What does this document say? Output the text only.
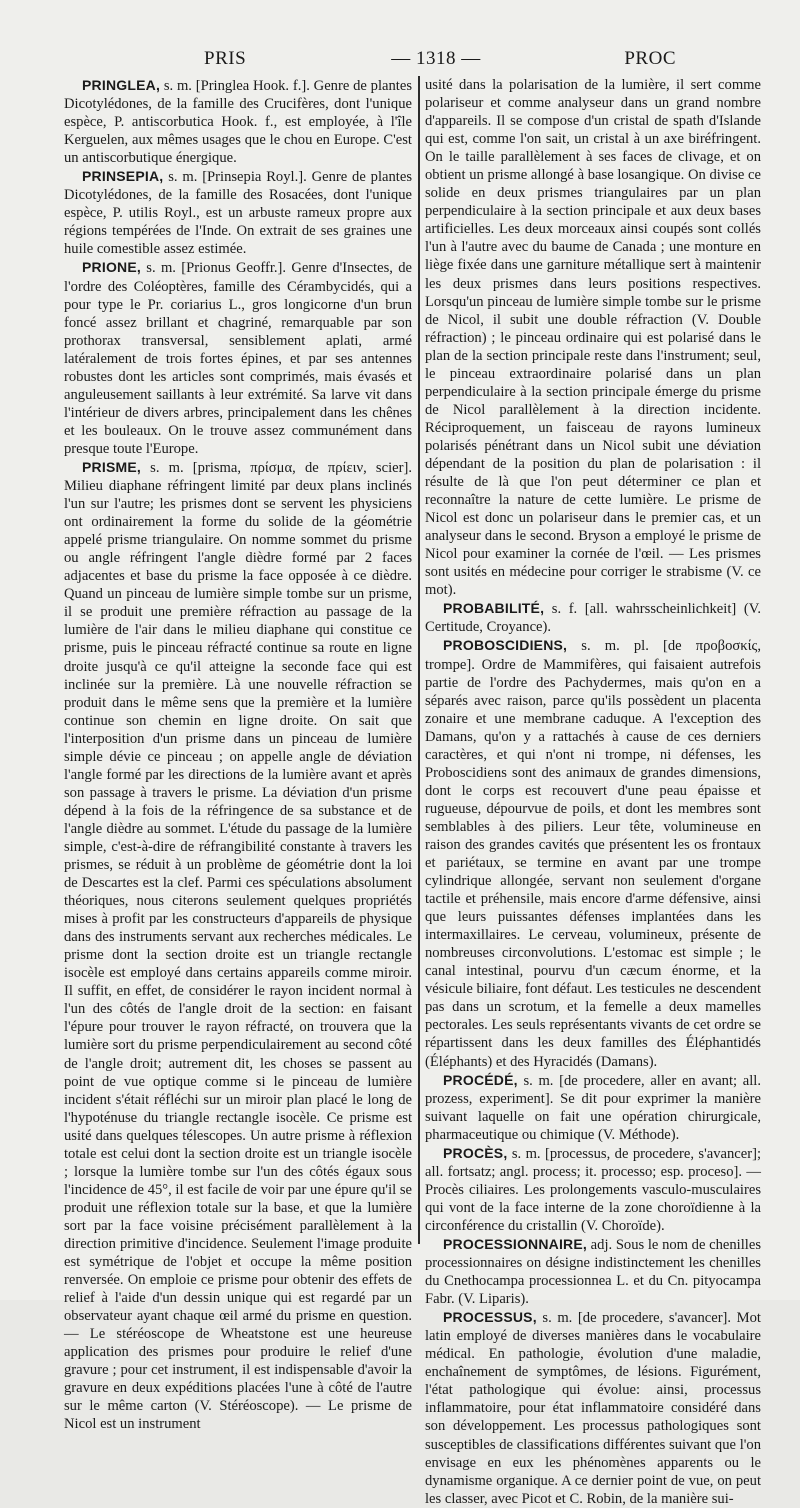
PRIS	— 1318 —	PROC

PRINGLEA, s. m. [Pringlea Hook. f.]. Genre de plantes Dicotylédones, de la famille des Crucifères, dont l'unique espèce, P. antiscorbutica Hook. f., est employée, à l'île Kerguelen, aux mêmes usages que le chou en Europe. C'est un antiscorbutique énergique.

PRINSEPIA, s. m. [Prinsepia Royl.]. Genre de plantes Dicotylédones, de la famille des Rosacées, dont l'unique espèce, P. utilis Royl., est un arbuste rameux propre aux régions tempérées de l'Inde. On extrait de ses graines une huile comestible assez estimée.

PRIONE, s. m. [Prionus Geoffr.]. Genre d'Insectes, de l'ordre des Coléoptères, famille des Cérambycidés, qui a pour type le Pr. coriarius L., gros longicorne d'un brun foncé assez brillant et chagriné, remarquable par son prothorax transversal, sensiblement aplati, armé latéralement de trois fortes épines, et par ses antennes robustes dont les articles sont comprimés, mais évasés et anguleusement saillants à leur extrémité. Sa larve vit dans l'intérieur de divers arbres, principalement dans les chênes et les bouleaux. On le trouve assez communément dans presque toute l'Europe.

PRISME, s. m. [prisma, πρίσμα, de πρίειν, scier]. Milieu diaphane réfringent limité par deux plans inclinés l'un sur l'autre; les prismes dont se servent les physiciens ont ordinairement la forme du solide de la géométrie appelé prisme triangulaire. On nomme sommet du prisme ou angle réfringent l'angle dièdre formé par 2 faces adjacentes et base du prisme la face opposée à ce dièdre. Quand un pinceau de lumière simple tombe sur un prisme, il se produit une première réfraction au passage de la lumière de l'air dans le milieu diaphane qui constitue ce prisme, puis le pinceau réfracté continue sa route en ligne droite jusqu'à ce qu'il atteigne la seconde face qui est inclinée sur la première. Là une nouvelle réfraction se produit dans le même sens que la première et la lumière continue son chemin en ligne droite. On sait que l'interposition d'un prisme dans un pinceau de lumière simple dévie ce pinceau ; on appelle angle de déviation l'angle formé par les directions de la lumière avant et après son passage à travers le prisme. La déviation d'un prisme dépend à la fois de la réfringence de sa substance et de l'angle dièdre au sommet. L'étude du passage de la lumière simple, c'est-à-dire de réfrangibilité constante à travers les prismes, se réduit à un problème de géométrie dont la loi de Descartes est la clef. Parmi ces spéculations absolument théoriques, nous citerons seulement quelques propriétés mises à profit par les constructeurs d'appareils de physique dans des instruments servant aux recherches médicales. Le prisme dont la section droite est un triangle rectangle isocèle est employé dans certains appareils comme miroir. Il suffit, en effet, de considérer le rayon incident normal à l'un des côtés de l'angle droit de la section: en faisant l'épure pour trouver le rayon réfracté, on trouvera que la lumière sort du prisme perpendiculairement au second côté de l'angle droit; autrement dit, les choses se passent au point de vue optique comme si le pinceau de lumière incident s'était réfléchi sur un miroir plan placé le long de l'hypoténuse du triangle rectangle isocèle. Ce prisme est usité dans quelques télescopes. Un autre prisme à réflexion totale est celui dont la section droite est un triangle isocèle ; lorsque la lumière tombe sur l'un des côtés égaux sous l'incidence de 45°, il est facile de voir par une épure qu'il se produit une réflexion totale sur la base, et que la lumière sort par la face voisine précisément parallèlement à la direction primitive d'incidence. Seulement l'image produite est symétrique de l'objet et occupe la même position renversée. On emploie ce prisme pour obtenir des effets de relief à l'aide d'un dessin unique qui est regardé par un observateur ayant chaque œil armé du prisme en question. — Le stéréoscope de Wheatstone est une heureuse application des prismes pour produire le relief d'une gravure ; pour cet instrument, il est indispensable d'avoir la gravure en deux expéditions placées l'une à côté de l'autre sur le même carton (V. Stéréoscope). — Le prisme de Nicol est un instrument

usité dans la polarisation de la lumière, il sert comme polariseur et comme analyseur dans un grand nombre d'appareils. Il se compose d'un cristal de spath d'Islande qui est, comme l'on sait, un cristal à un axe biréfringent. On le taille parallèlement à ses faces de clivage, et on obtient un prisme allongé à base losangique. On divise ce solide en deux prismes triangulaires par un plan perpendiculaire à la section principale et aux deux bases artificielles. Les deux morceaux ainsi coupés sont collés l'un à l'autre avec du baume de Canada ; une monture en liège fixée dans une garniture métallique sert à maintenir les deux prismes dans leurs positions respectives. Lorsqu'un pinceau de lumière simple tombe sur le prisme de Nicol, il subit une double réfraction (V. Double réfraction) ; le pinceau ordinaire qui est polarisé dans le plan de la section principale reste dans l'instrument; seul, le pinceau extraordinaire polarisé dans un plan perpendiculaire à la section principale émerge du prisme de Nicol parallèlement à la direction incidente. Réciproquement, un faisceau de rayons lumineux polarisés pénétrant dans un Nicol subit une déviation dépendant de la position du plan de polarisation : il résulte de là que l'on peut déterminer ce plan et reconnaître la nature de cette lumière. Le prisme de Nicol est donc un polariseur dans le premier cas, et un analyseur dans le second. Bryson a employé le prisme de Nicol pour examiner la cornée de l'œil. — Les prismes sont usités en médecine pour corriger le strabisme (V. ce mot).

PROBABILITÉ, s. f. [all. wahrsscheinlichkeit] (V. Certitude, Croyance).

PROBOSCIDIENS, s. m. pl. [de προβοσκίς, trompe]. Ordre de Mammifères, qui faisaient autrefois partie de l'ordre des Pachydermes, mais qu'on en a séparés avec raison, parce qu'ils possèdent un placenta zonaire et une membrane caduque. A l'exception des Damans, qu'on y a rattachés à cause de ces derniers caractères, et qui n'ont ni trompe, ni défenses, les Proboscidiens sont des animaux de grandes dimensions, dont le corps est recouvert d'une peau épaisse et rugueuse, dépourvue de poils, et dont les membres sont semblables à des piliers. Leur tête, volumineuse en raison des grandes cavités que présentent les os frontaux et pariétaux, se termine en avant par une trompe cylindrique allongée, servant non seulement d'organe tactile et préhensile, mais encore d'arme défensive, ainsi que leurs puissantes défenses implantées dans les intermaxillaires. Le cerveau, volumineux, présente de nombreuses circonvolutions. L'estomac est simple ; le canal intestinal, pourvu d'un cæcum énorme, et la vésicule biliaire, font défaut. Les testicules ne descendent pas dans un scrotum, et la femelle a deux mamelles pectorales. Les seuls représentants vivants de cet ordre se répartissent dans les deux familles des Éléphantidés (Éléphants) et des Hyracidés (Damans).

PROCÉDÉ, s. m. [de procedere, aller en avant; all. prozess, experiment]. Se dit pour exprimer la manière suivant laquelle on fait une opération chirurgicale, pharmaceutique ou chimique (V. Méthode).

PROCÈS, s. m. [processus, de procedere, s'avancer]; all. fortsatz; angl. process; it. processo; esp. proceso]. — Procès ciliaires. Les prolongements vasculo-musculaires qui vont de la face interne de la zone choroïdienne à la circonférence du cristallin (V. Choroïde).

PROCESSIONNAIRE, adj. Sous le nom de chenilles processionnaires on désigne indistinctement les chenilles du Cnethocampa processionnea L. et du Cn. pityocampa Fabr. (V. Liparis).

PROCESSUS, s. m. [de procedere, s'avancer]. Mot latin employé de diverses manières dans le vocabulaire médical. En pathologie, évolution d'une maladie, enchaînement de symptômes, de lésions. Figurément, l'état pathologique qui évolue: ainsi, processus inflammatoire, pour état inflammatoire considéré dans son développement. Les processus pathologiques sont susceptibles de classifications différentes suivant que l'on envisage en eux les phénomènes apparents ou le dynamisme organique. A ce dernier point de vue, on peut les classer, avec Picot et C. Robin, de la manière sui-
